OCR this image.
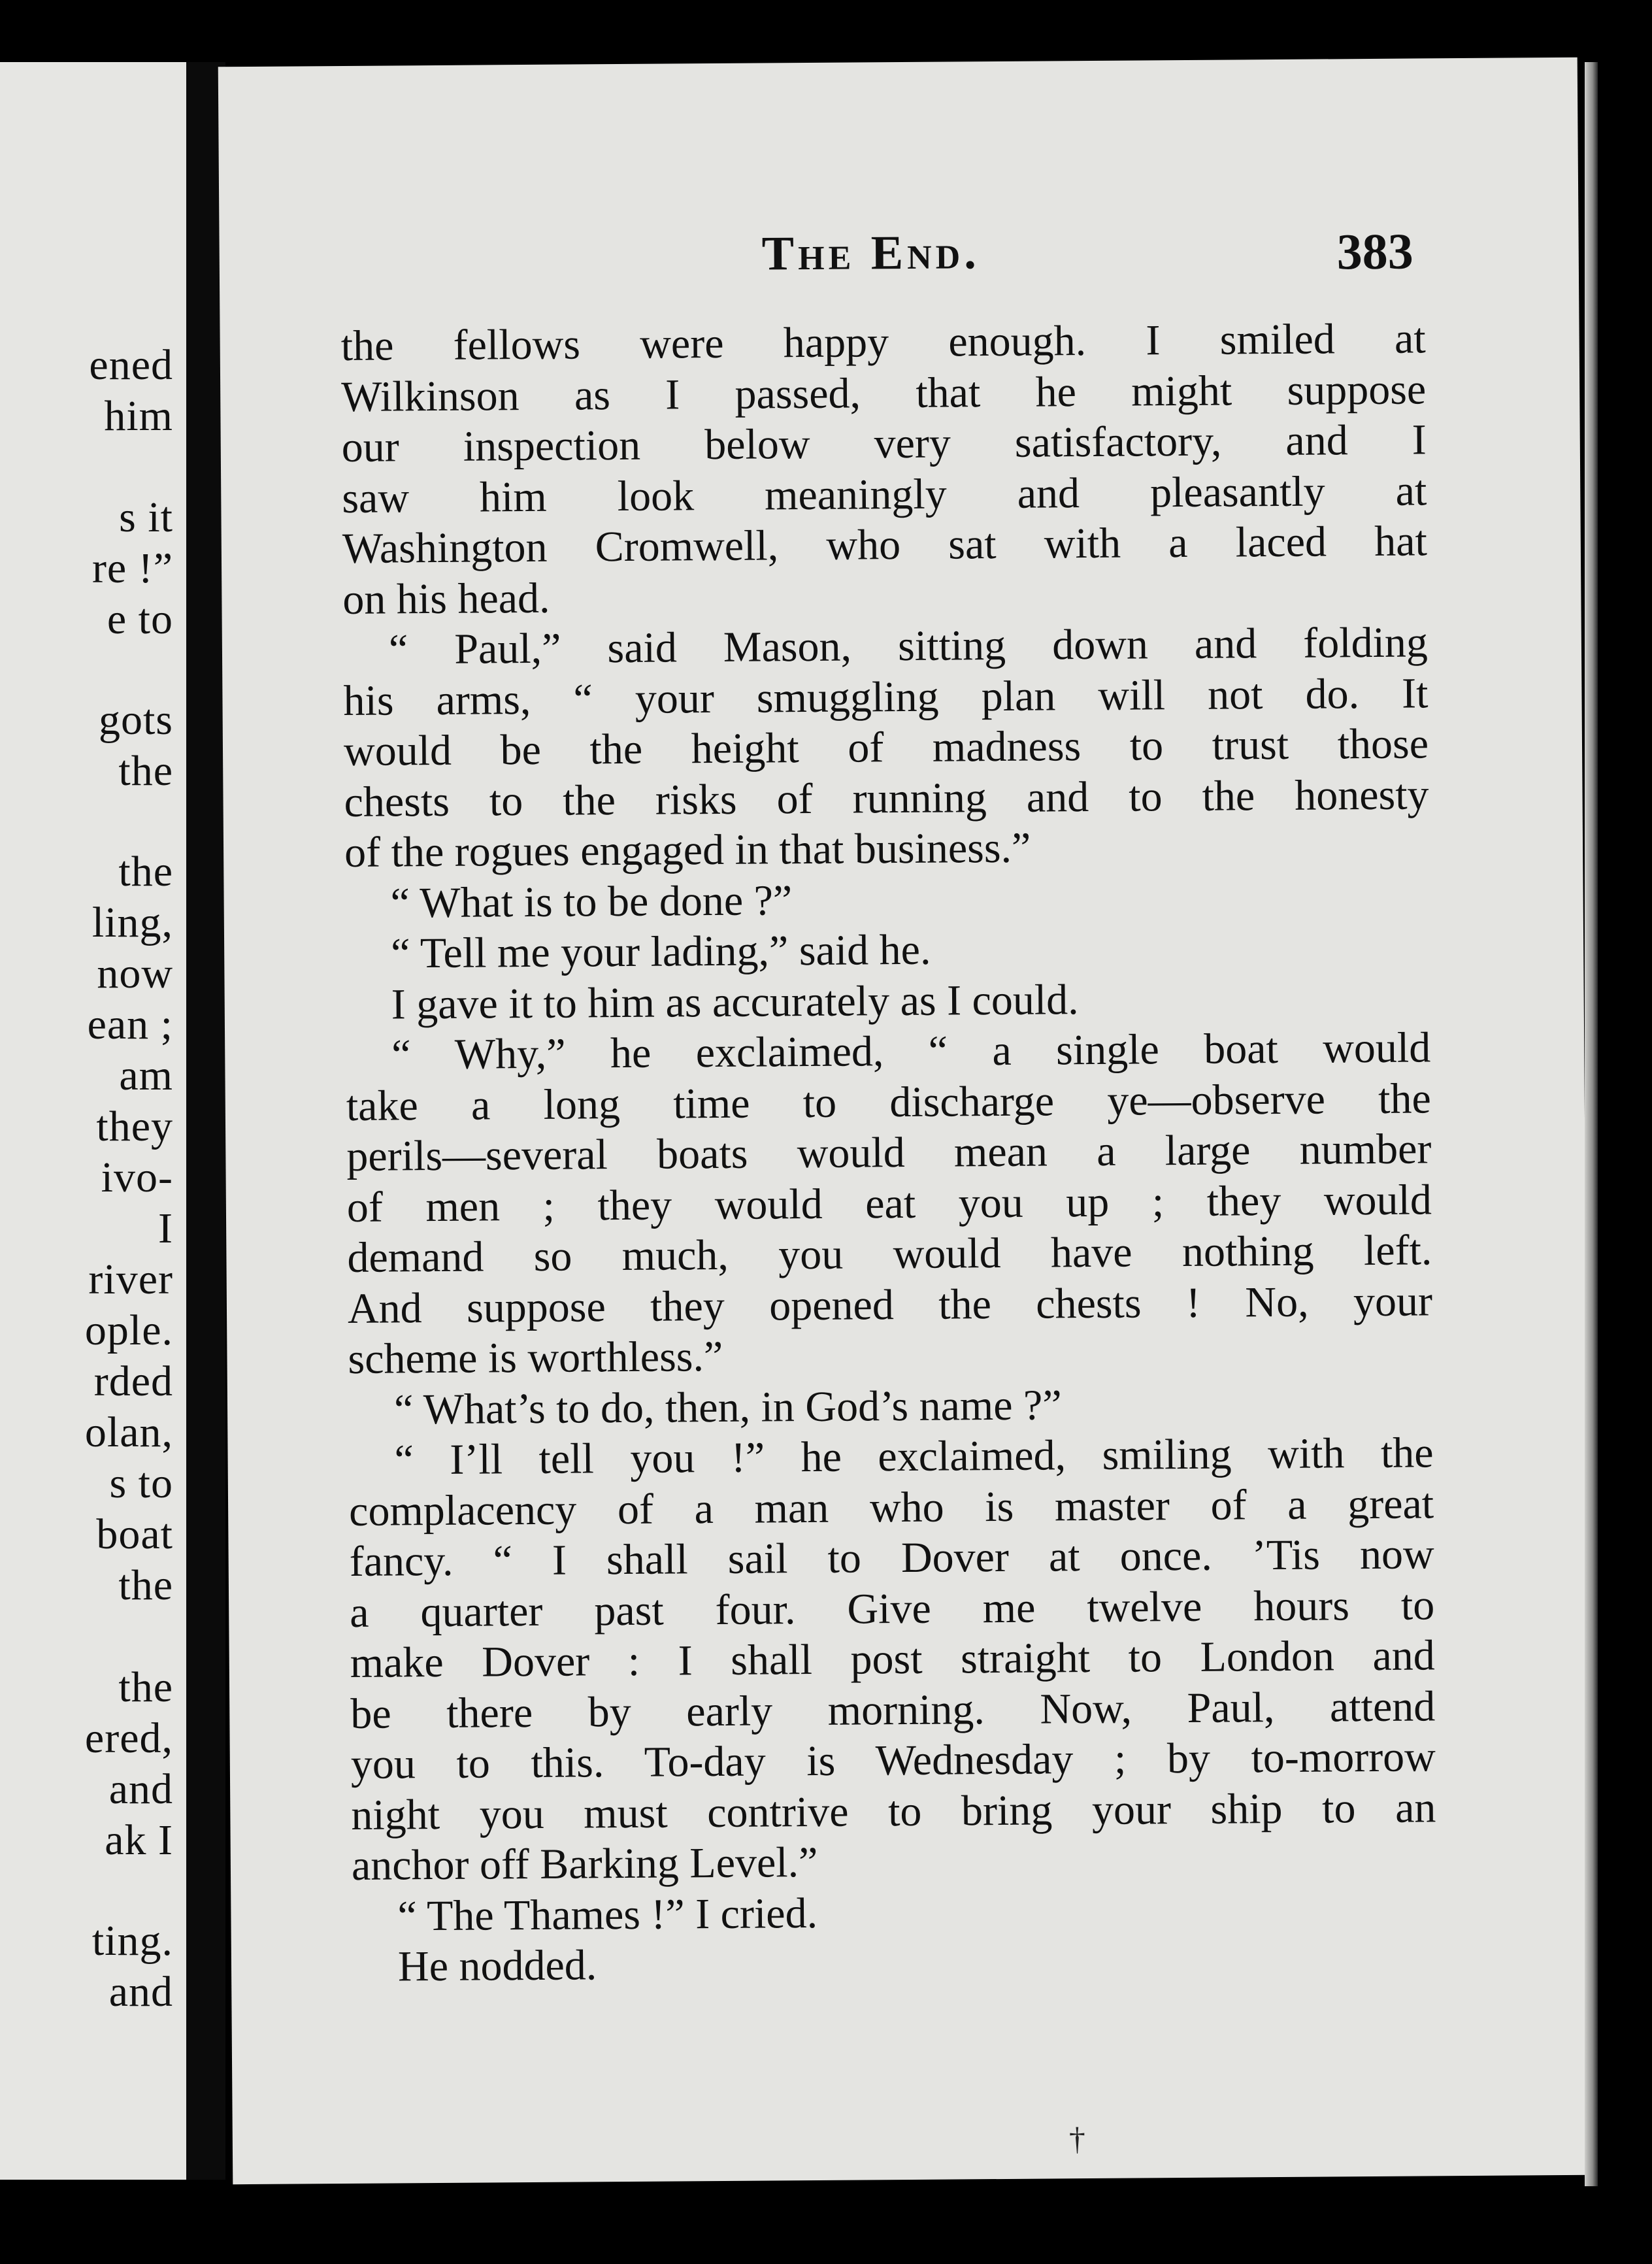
ened
him
s it
re !”
e to
gots
the
the
ling,
now
ean ;
am
they
ivo-
I
river
ople.
rded
olan,
s to
boat
the
the
ered,
and
ak I
ting.
and
The End.	383
the fellows were happy enough. I smiled at
Wilkinson as I passed, that he might suppose
our inspection below very satisfactory, and I
saw him look meaningly and pleasantly at
Washington Cromwell, who sat with a laced hat
on his head.
“ Paul,” said Mason, sitting down and folding
his arms, “ your smuggling plan will not do. It
would be the height of madness to trust those
chests to the risks of running and to the honesty
of the rogues engaged in that business.”
“ What is to be done ?”
“ Tell me your lading,” said he.
I gave it to him as accurately as I could.
“ Why,” he exclaimed, “ a single boat would
take a long time to discharge ye—observe the
perils—several boats would mean a large number
of men ; they would eat you up ; they would
demand so much, you would have nothing left.
And suppose they opened the chests ! No, your
scheme is worthless.”
“ What’s to do, then, in God’s name ?”
“ I’ll tell you !” he exclaimed, smiling with the
complacency of a man who is master of a great
fancy. “ I shall sail to Dover at once. ’Tis now
a quarter past four. Give me twelve hours to
make Dover : I shall post straight to London and
be there by early morning. Now, Paul, attend
you to this. To-day is Wednesday ; by to-morrow
night you must contrive to bring your ship to an
anchor off Barking Level.”
“ The Thames !” I cried.
He nodded.
†
